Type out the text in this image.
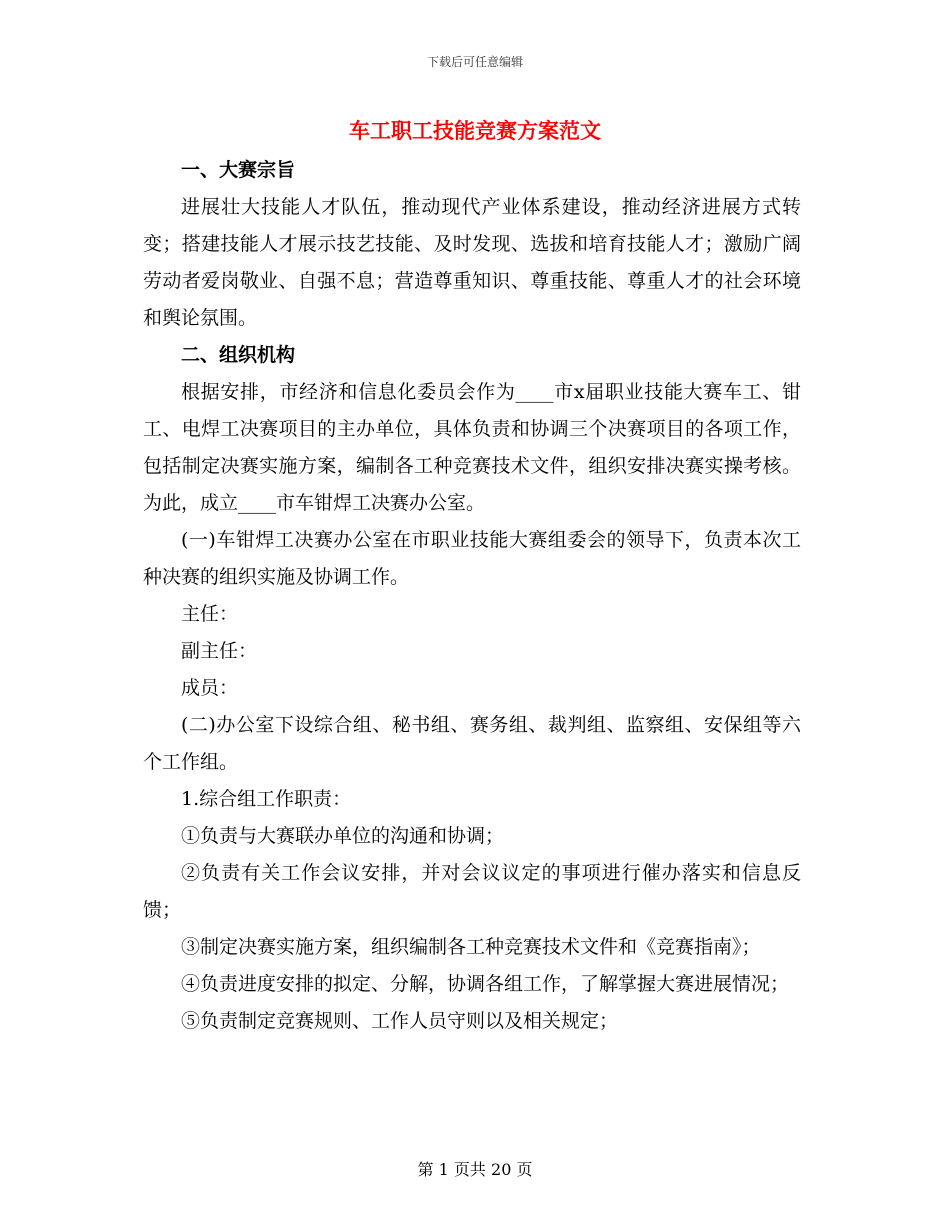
下载后可任意编辑
车工职工技能竞赛方案范文

一、大赛宗旨

进展壮大技能人才队伍，推动现代产业体系建设，推动经济进展方式转变；搭建技能人才展示技艺技能、及时发现、选拔和培育技能人才；激励广阔劳动者爱岗敬业、自强不息；营造尊重知识、尊重技能、尊重人才的社会环境和舆论氛围。

二、组织机构

根据安排，市经济和信息化委员会作为____市x届职业技能大赛车工、钳工、电焊工决赛项目的主办单位，具体负责和协调三个决赛项目的各项工作，包括制定决赛实施方案，编制各工种竞赛技术文件，组织安排决赛实操考核。为此，成立____市车钳焊工决赛办公室。

(一)车钳焊工决赛办公室在市职业技能大赛组委会的领导下，负责本次工种决赛的组织实施及协调工作。

主任：

副主任：

成员：

(二)办公室下设综合组、秘书组、赛务组、裁判组、监察组、安保组等六个工作组。

1.综合组工作职责：

①负责与大赛联办单位的沟通和协调；

②负责有关工作会议安排，并对会议议定的事项进行催办落实和信息反馈；

③制定决赛实施方案，组织编制各工种竞赛技术文件和《竞赛指南》；

④负责进度安排的拟定、分解，协调各组工作，了解掌握大赛进展情况；

⑤负责制定竞赛规则、工作人员守则以及相关规定；

第 1 页共 20 页
